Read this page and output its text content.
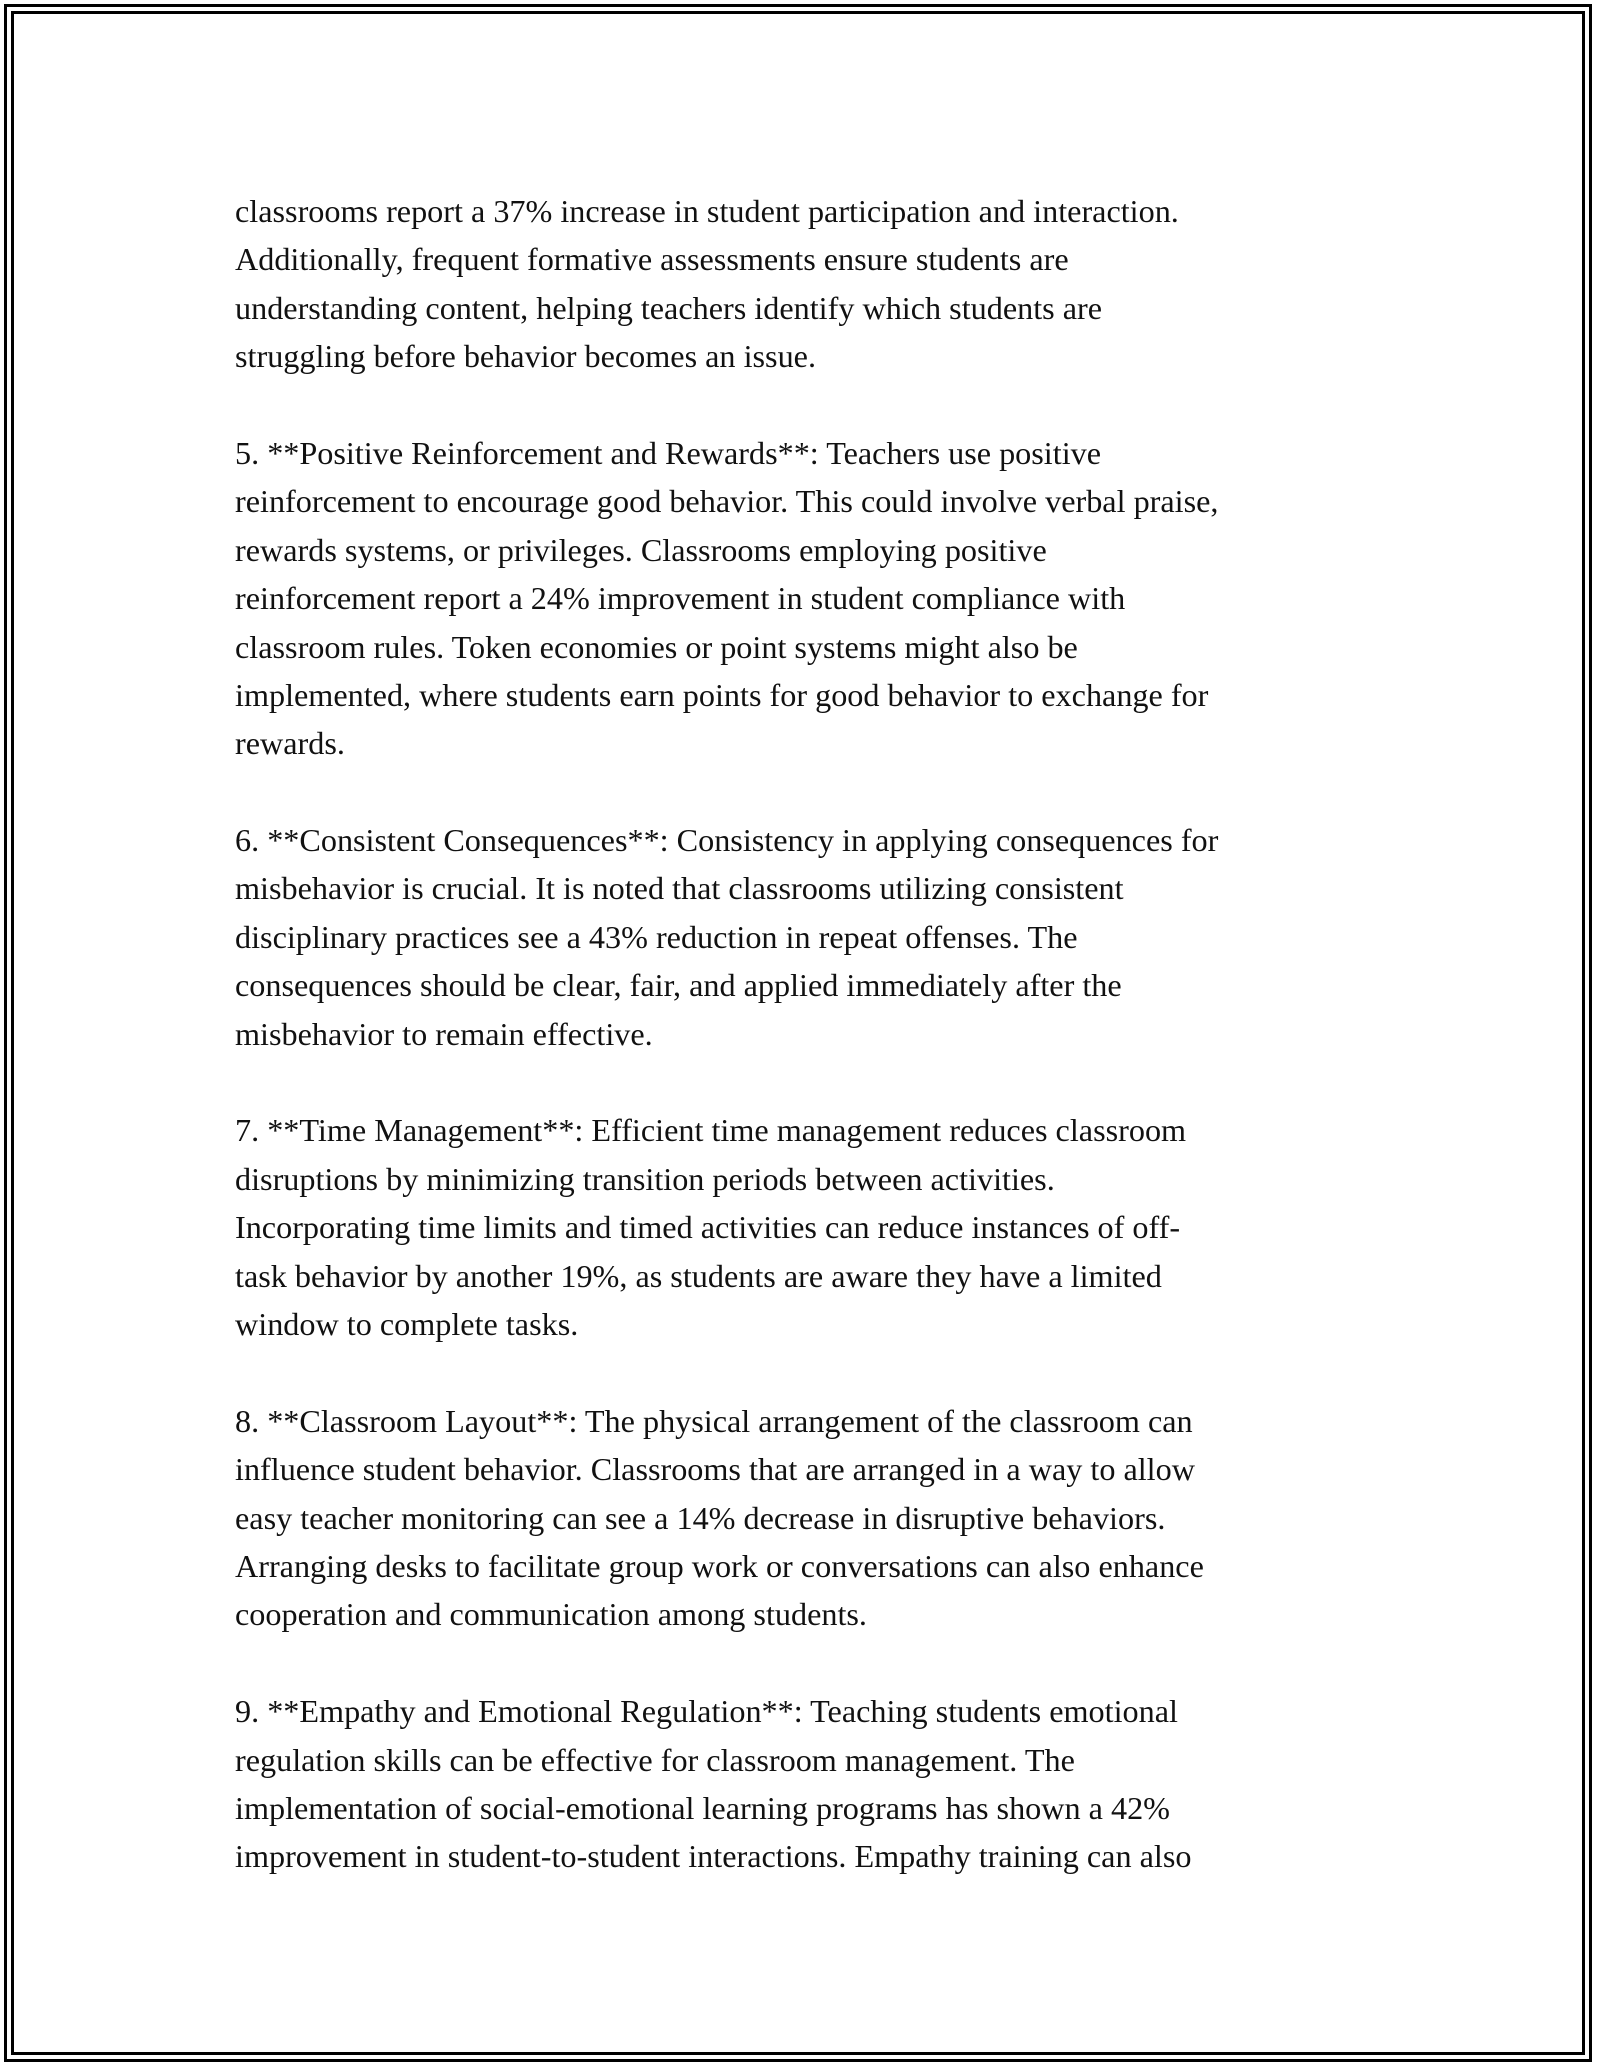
classrooms report a 37% increase in student participation and interaction.
Additionally, frequent formative assessments ensure students are
understanding content, helping teachers identify which students are
struggling before behavior becomes an issue.
5. **Positive Reinforcement and Rewards**: Teachers use positive
reinforcement to encourage good behavior. This could involve verbal praise,
rewards systems, or privileges. Classrooms employing positive
reinforcement report a 24% improvement in student compliance with
classroom rules. Token economies or point systems might also be
implemented, where students earn points for good behavior to exchange for
rewards.
6. **Consistent Consequences**: Consistency in applying consequences for
misbehavior is crucial. It is noted that classrooms utilizing consistent
disciplinary practices see a 43% reduction in repeat offenses. The
consequences should be clear, fair, and applied immediately after the
misbehavior to remain effective.
7. **Time Management**: Efficient time management reduces classroom
disruptions by minimizing transition periods between activities.
Incorporating time limits and timed activities can reduce instances of off-
task behavior by another 19%, as students are aware they have a limited
window to complete tasks.
8. **Classroom Layout**: The physical arrangement of the classroom can
influence student behavior. Classrooms that are arranged in a way to allow
easy teacher monitoring can see a 14% decrease in disruptive behaviors.
Arranging desks to facilitate group work or conversations can also enhance
cooperation and communication among students.
9. **Empathy and Emotional Regulation**: Teaching students emotional
regulation skills can be effective for classroom management. The
implementation of social-emotional learning programs has shown a 42%
improvement in student-to-student interactions. Empathy training can also
